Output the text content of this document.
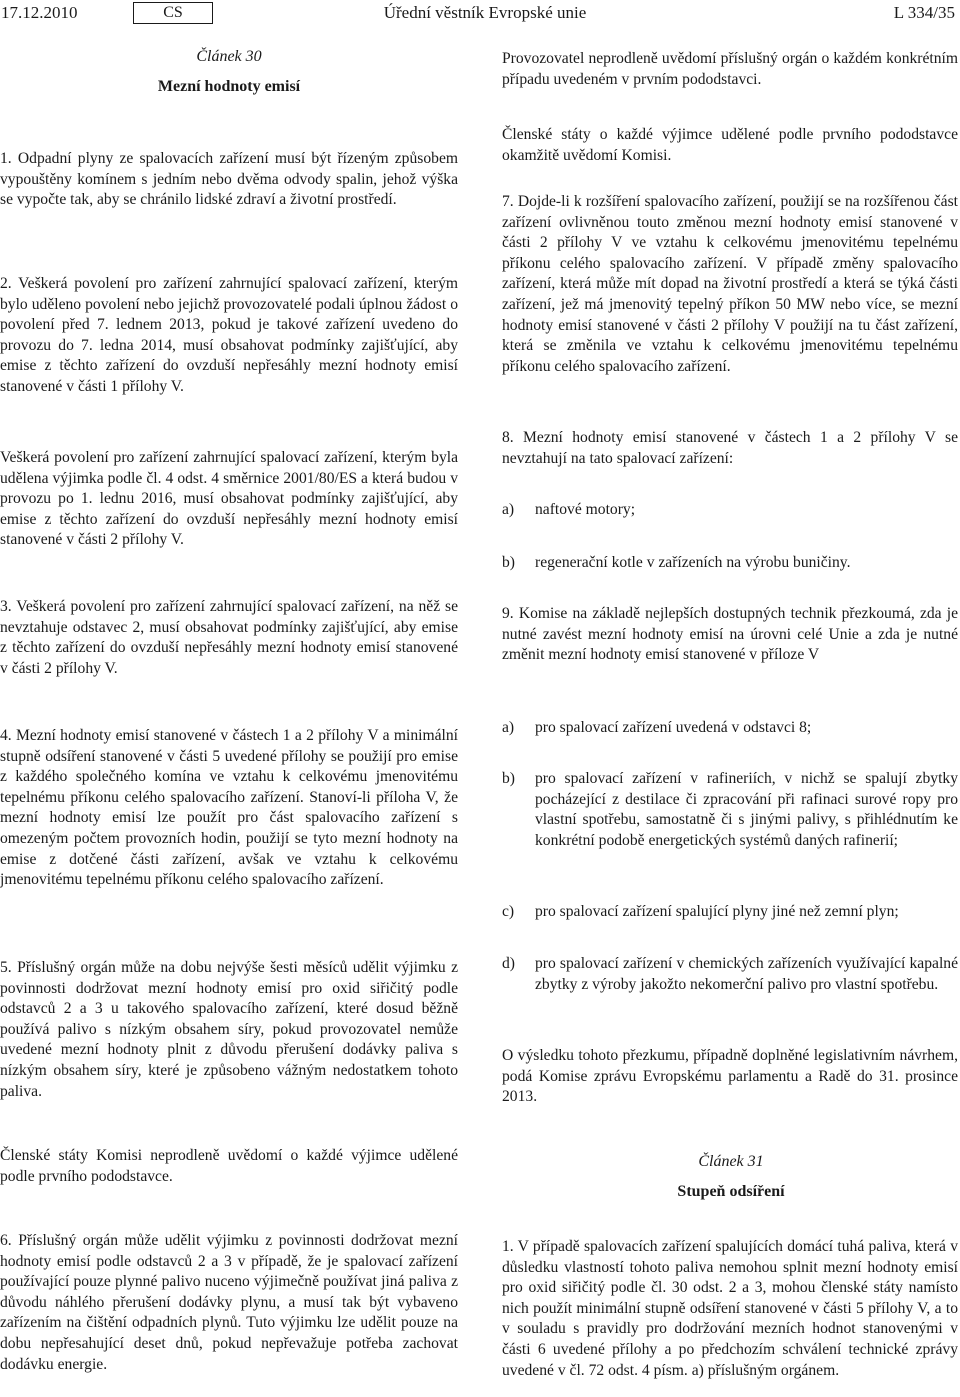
17.12.2010	CS	Úřední věstník Evropské unie	L 334/35
Článek 30
Mezní hodnoty emisí
1. Odpadní plyny ze spalovacích zařízení musí být řízeným způsobem vypouštěny komínem s jedním nebo dvěma odvody spalin, jehož výška se vypočte tak, aby se chránilo lidské zdraví a životní prostředí.
2. Veškerá povolení pro zařízení zahrnující spalovací zařízení, kterým bylo uděleno povolení nebo jejichž provozovatelé podali úplnou žádost o povolení před 7. lednem 2013, pokud je takové zařízení uvedeno do provozu do 7. ledna 2014, musí obsahovat podmínky zajišťující, aby emise z těchto zařízení do ovzduší nepřesáhly mezní hodnoty emisí stanovené v části 1 přílohy V.
Veškerá povolení pro zařízení zahrnující spalovací zařízení, kterým byla udělena výjimka podle čl. 4 odst. 4 směrnice 2001/80/ES a která budou v provozu po 1. lednu 2016, musí obsahovat podmínky zajišťující, aby emise z těchto zařízení do ovzduší nepřesáhly mezní hodnoty emisí stanovené v části 2 přílohy V.
3. Veškerá povolení pro zařízení zahrnující spalovací zařízení, na něž se nevztahuje odstavec 2, musí obsahovat podmínky zajišťující, aby emise z těchto zařízení do ovzduší nepřesáhly mezní hodnoty emisí stanovené v části 2 přílohy V.
4. Mezní hodnoty emisí stanovené v částech 1 a 2 přílohy V a minimální stupně odsíření stanovené v části 5 uvedené přílohy se použijí pro emise z každého společného komína ve vztahu k celkovému jmenovitému tepelnému příkonu celého spalovacího zařízení. Stanoví-li příloha V, že mezní hodnoty emisí lze použít pro část spalovacího zařízení s omezeným počtem provozních hodin, použijí se tyto mezní hodnoty na emise z dotčené části zařízení, avšak ve vztahu k celkovému jmenovitému tepelnému příkonu celého spalovacího zařízení.
5. Příslušný orgán může na dobu nejvýše šesti měsíců udělit výjimku z povinnosti dodržovat mezní hodnoty emisí pro oxid siřičitý podle odstavců 2 a 3 u takového spalovacího zařízení, které dosud běžně používá palivo s nízkým obsahem síry, pokud provozovatel nemůže uvedené mezní hodnoty plnit z důvodu přerušení dodávky paliva s nízkým obsahem síry, které je způsobeno vážným nedostatkem tohoto paliva.
Členské státy Komisi neprodleně uvědomí o každé výjimce udělené podle prvního pododstavce.
6. Příslušný orgán může udělit výjimku z povinnosti dodržovat mezní hodnoty emisí podle odstavců 2 a 3 v případě, že je spalovací zařízení používající pouze plynné palivo nuceno výjimečně používat jiná paliva z důvodu náhlého přerušení dodávky plynu, a musí tak být vybaveno zařízením na čištění odpadních plynů. Tuto výjimku lze udělit pouze na dobu nepřesahující deset dnů, pokud nepřevažuje potřeba zachovat dodávku energie.
Provozovatel neprodleně uvědomí příslušný orgán o každém konkrétním případu uvedeném v prvním pododstavci.
Členské státy o každé výjimce udělené podle prvního pododstavce okamžitě uvědomí Komisi.
7. Dojde-li k rozšíření spalovacího zařízení, použijí se na rozšířenou část zařízení ovlivněnou touto změnou mezní hodnoty emisí stanovené v části 2 přílohy V ve vztahu k celkovému jmenovitému tepelnému příkonu celého spalovacího zařízení. V případě změny spalovacího zařízení, která může mít dopad na životní prostředí a která se týká části zařízení, jež má jmenovitý tepelný příkon 50 MW nebo více, se mezní hodnoty emisí stanovené v části 2 přílohy V použijí na tu část zařízení, která se změnila ve vztahu k celkovému jmenovitému tepelnému příkonu celého spalovacího zařízení.
8. Mezní hodnoty emisí stanovené v částech 1 a 2 přílohy V se nevztahují na tato spalovací zařízení:
a)	naftové motory;
b)	regenerační kotle v zařízeních na výrobu buničiny.
9. Komise na základě nejlepších dostupných technik přezkoumá, zda je nutné zavést mezní hodnoty emisí na úrovni celé Unie a zda je nutné změnit mezní hodnoty emisí stanovené v příloze V
a)	pro spalovací zařízení uvedená v odstavci 8;
b)	pro spalovací zařízení v rafineriích, v nichž se spalují zbytky pocházející z destilace či zpracování při rafinaci surové ropy pro vlastní spotřebu, samostatně či s jinými palivy, s přihlédnutím ke konkrétní podobě energetických systémů daných rafinerií;
c)	pro spalovací zařízení spalující plyny jiné než zemní plyn;
d)	pro spalovací zařízení v chemických zařízeních využívající kapalné zbytky z výroby jakožto nekomerční palivo pro vlastní spotřebu.
O výsledku tohoto přezkumu, případně doplněné legislativním návrhem, podá Komise zprávu Evropskému parlamentu a Radě do 31. prosince 2013.
Článek 31
Stupeň odsíření
1. V případě spalovacích zařízení spalujících domácí tuhá paliva, která v důsledku vlastností tohoto paliva nemohou splnit mezní hodnoty emisí pro oxid siřičitý podle čl. 30 odst. 2 a 3, mohou členské státy namísto nich použít minimální stupně odsíření stanovené v části 5 přílohy V, a to v souladu s pravidly pro dodržování mezních hodnot stanovenými v části 6 uvedené přílohy a po předchozím schválení technické zprávy uvedené v čl. 72 odst. 4 písm. a) příslušným orgánem.
